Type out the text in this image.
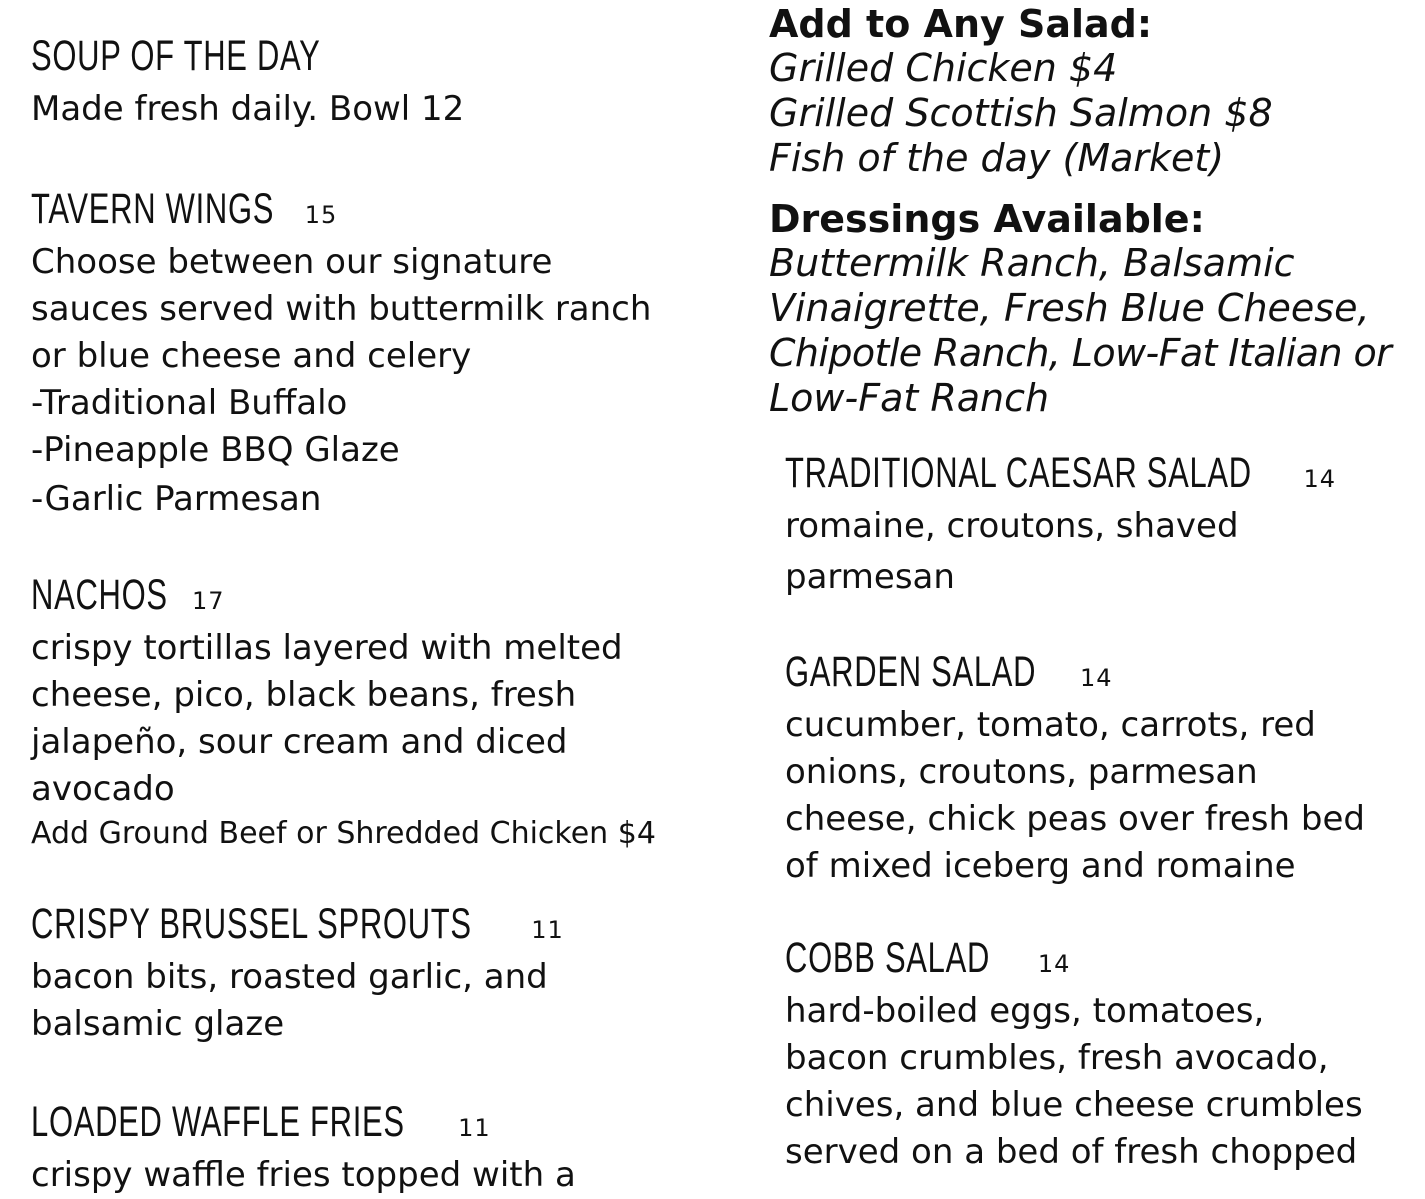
SOUP OF THE DAY

Made fresh daily. Bowl 12

TAVERN WINGS 15

Choose between our signature

sauces served with buttermilk ranch

or blue cheese and celery

-Traditional Buffalo

-Pineapple BBQ Glaze

-Garlic Parmesan

NACHOS 17

crispy tortillas layered with melted

cheese, pico, black beans, fresh

jalapeño, sour cream and diced

avocado

Add Ground Beef or Shredded Chicken $4

CRISPY BRUSSEL SPROUTS 11

bacon bits, roasted garlic, and

balsamic glaze

LOADED WAFFLE FRIES 11

crispy waffle fries topped with a

Add to Any Salad:

Grilled Chicken $4

Grilled Scottish Salmon $8

Fish of the day (Market)

Dressings Available:

Buttermilk Ranch, Balsamic

Vinaigrette, Fresh Blue Cheese,

Chipotle Ranch, Low-Fat Italian or

Low-Fat Ranch

TRADITIONAL CAESAR SALAD 14

romaine, croutons, shaved

parmesan

GARDEN SALAD 14

cucumber, tomato, carrots, red

onions, croutons, parmesan

cheese, chick peas over fresh bed

of mixed iceberg and romaine

COBB SALAD 14

hard-boiled eggs, tomatoes,

bacon crumbles, fresh avocado,

chives, and blue cheese crumbles

served on a bed of fresh chopped
